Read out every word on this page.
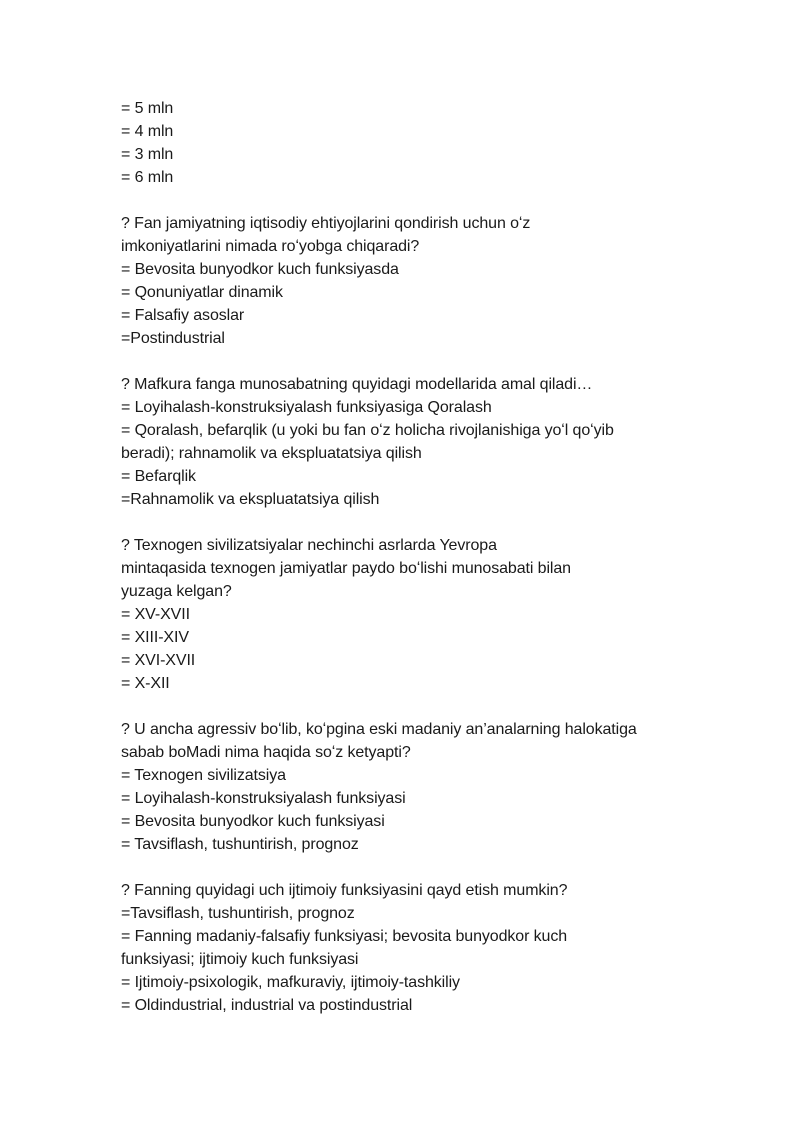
= 5 mln
= 4 mln
= 3 mln
= 6 mln
? Fan jamiyatning iqtisodiy ehtiyojlarini qondirish uchun oʻz
imkoniyatlarini nimada roʻyobga chiqaradi?
= Bevosita bunyodkor kuch funksiyasda
= Qonuniyatlar dinamik
= Falsafiy asoslar
=Postindustrial
? Mafkura fanga munosabatning quyidagi modellarida amal qiladi…
= Loyihalash-konstruksiyalash funksiyasiga Qoralash
= Qoralash, befarqlik (u yoki bu fan oʻz holicha rivojlanishiga yoʻl qoʻyib
beradi); rahnamolik va ekspluatatsiya qilish
= Befarqlik
=Rahnamolik va ekspluatatsiya qilish
? Texnogen sivilizatsiyalar nechinchi asrlarda Yevropa
mintaqasida texnogen jamiyatlar paydo boʻlishi munosabati bilan
yuzaga kelgan?
= XV-XVII
= XIII-XIV
= XVI-XVII
= X-XII
? U ancha agressiv boʻlib, koʻpgina eski madaniy an’analarning halokatiga
sabab boMadi nima haqida soʻz ketyapti?
= Texnogen sivilizatsiya
= Loyihalash-konstruksiyalash funksiyasi
= Bevosita bunyodkor kuch funksiyasi
= Tavsiflash, tushuntirish, prognoz
? Fanning quyidagi uch ijtimoiy funksiyasini qayd etish mumkin?
=Tavsiflash, tushuntirish, prognoz
= Fanning madaniy-falsafiy funksiyasi; bevosita bunyodkor kuch
funksiyasi; ijtimoiy kuch funksiyasi
= Ijtimoiy-psixologik, mafkuraviy, ijtimoiy-tashkiliy
= Oldindustrial, industrial va postindustrial
